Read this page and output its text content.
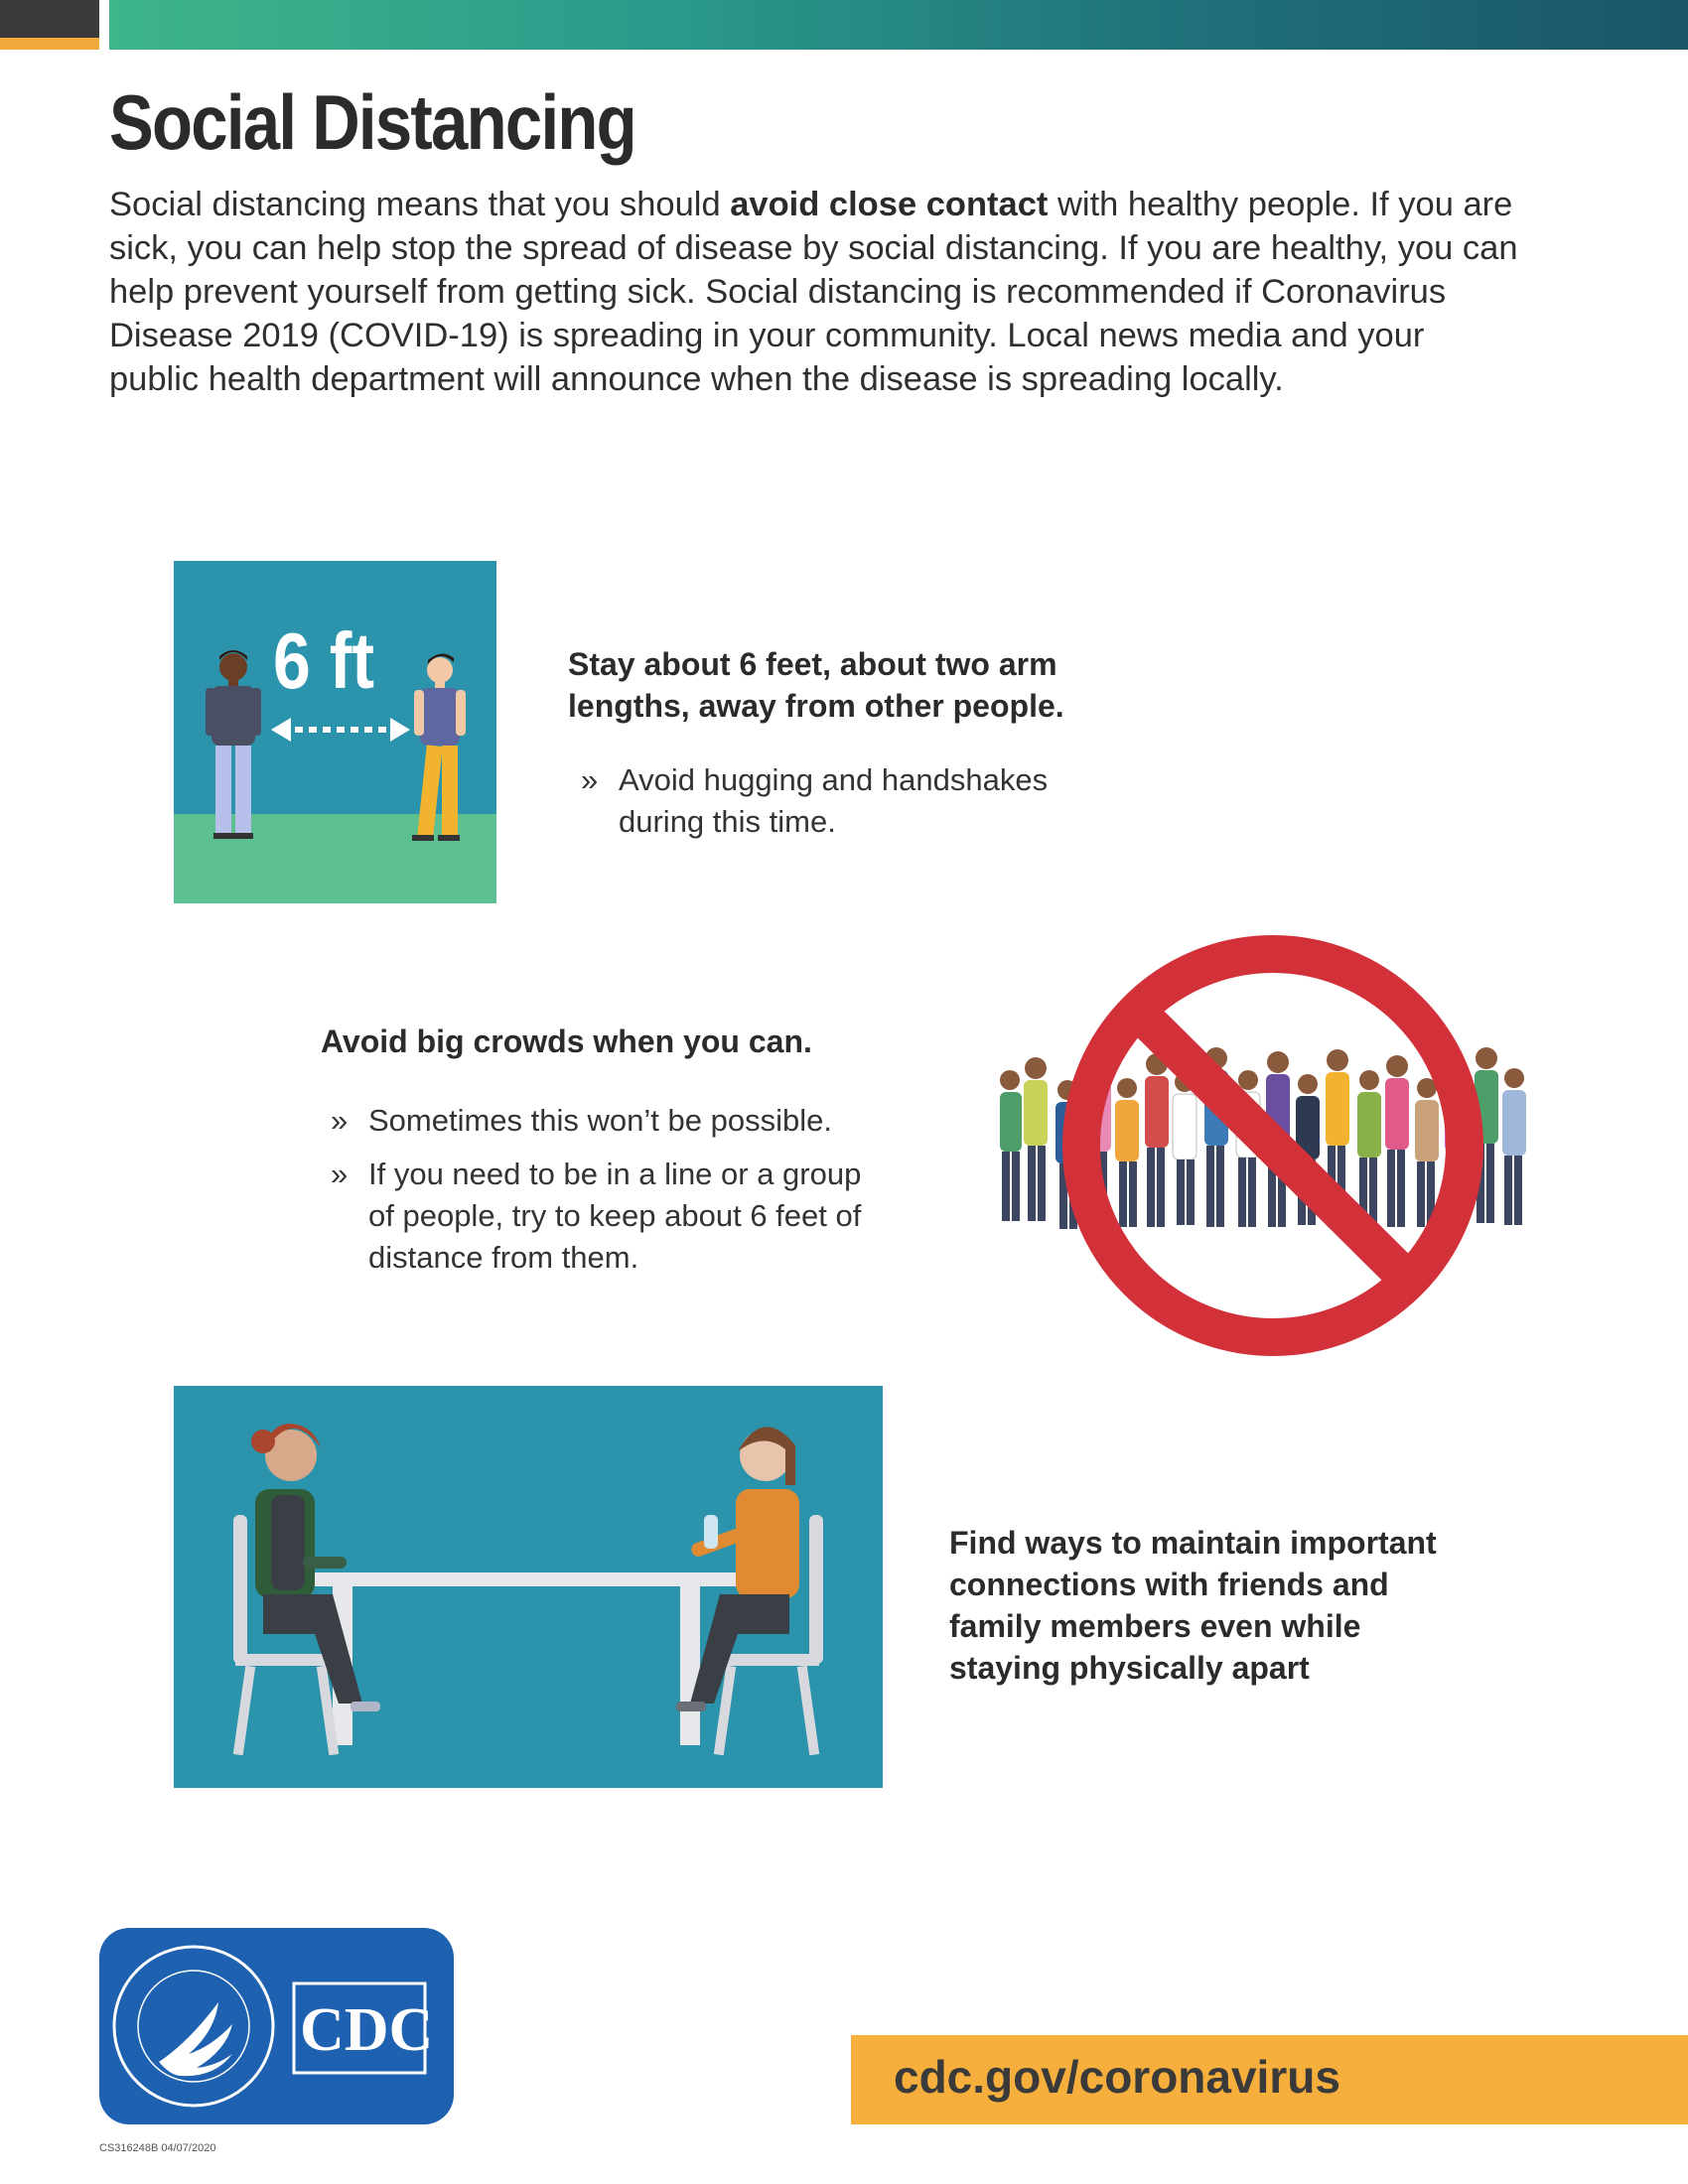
Social Distancing

Social distancing means that you should avoid close contact with healthy people. If you are sick, you can help stop the spread of disease by social distancing. If you are healthy, you can help prevent yourself from getting sick. Social distancing is recommended if Coronavirus Disease 2019 (COVID-19) is spreading in your community. Local news media and your public health department will announce when the disease is spreading locally.

6 ft	Stay about 6 feet, about two arm lengths, away from other people.
» Avoid hugging and handshakes during this time.
Avoid big crowds when you can.
» Sometimes this won’t be possible.
» If you need to be in a line or a group of people, try to keep about 6 feet of distance from them.
Find ways to maintain important connections with friends and family members even while staying physically apart
CDC
cdc.gov/coronavirus
CS316248B 04/07/2020
